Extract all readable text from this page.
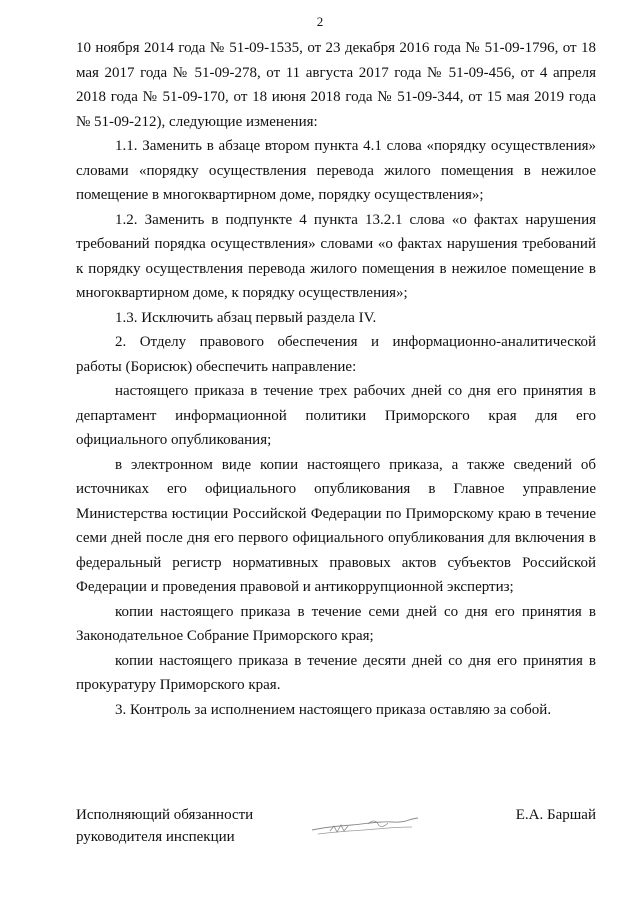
2

10 ноября 2014 года № 51-09-1535, от 23 декабря 2016 года № 51-09-1796, от 18 мая 2017 года № 51-09-278, от 11 августа 2017 года № 51-09-456, от 4 апреля 2018 года № 51-09-170, от 18 июня 2018 года № 51-09-344, от 15 мая 2019 года № 51-09-212), следующие изменения:

1.1. Заменить в абзаце втором пункта 4.1 слова «порядку осуществления» словами «порядку осуществления перевода жилого помещения в нежилое помещение в многоквартирном доме, порядку осуществления»;

1.2. Заменить в подпункте 4 пункта 13.2.1 слова «о фактах нарушения требований порядка осуществления» словами «о фактах нарушения требований к порядку осуществления перевода жилого помещения в нежилое помещение в многоквартирном доме, к порядку осуществления»;

1.3. Исключить абзац первый раздела IV.

2. Отделу правового обеспечения и информационно-аналитической работы (Борисюк) обеспечить направление:

настоящего приказа в течение трех рабочих дней со дня его принятия в департамент информационной политики Приморского края для его официального опубликования;

в электронном виде копии настоящего приказа, а также сведений об источниках его официального опубликования в Главное управление Министерства юстиции Российской Федерации по Приморскому краю в течение семи дней после дня его первого официального опубликования для включения в федеральный регистр нормативных правовых актов субъектов Российской Федерации и проведения правовой и антикоррупционной экспертиз;

копии настоящего приказа в течение семи дней со дня его принятия в Законодательное Собрание Приморского края;

копии настоящего приказа в течение десяти дней со дня его принятия в прокуратуру Приморского края.

3. Контроль за исполнением настоящего приказа оставляю за собой.

Исполняющий обязанности
руководителя инспекции
Е.А. Баршай
